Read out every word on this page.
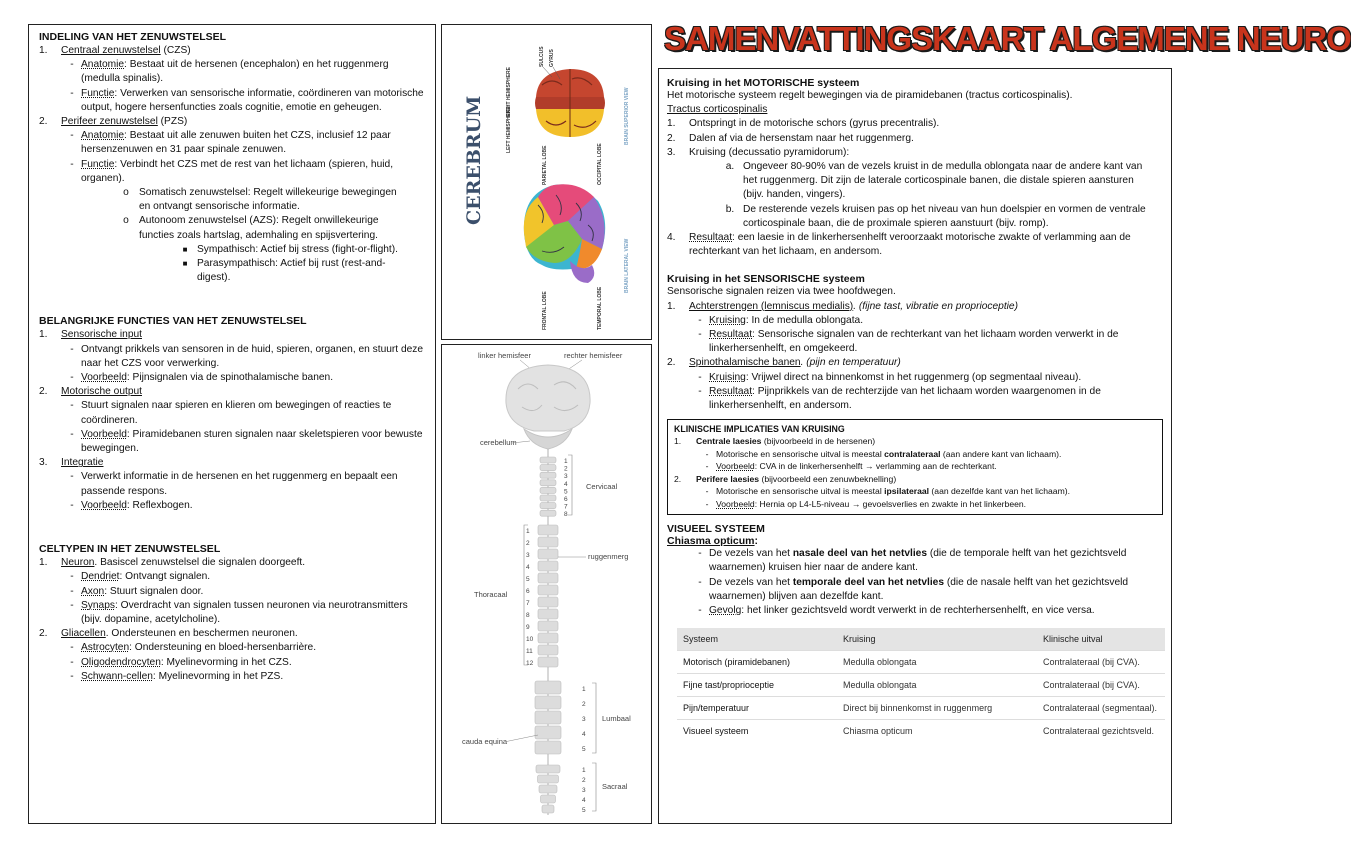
SAMENVATTINGSKAART ALGEMENE NEURO
INDELING VAN HET ZENUWSTELSEL
1.	Centraal zenuwstelsel (CZS)
- Anatomie: Bestaat uit de hersenen (encephalon) en het ruggenmerg (medulla spinalis).
- Functie: Verwerken van sensorische informatie, coördineren van motorische output, hogere hersenfuncties zoals cognitie, emotie en geheugen.
2.	Perifeer zenuwstelsel (PZS)
- Anatomie: Bestaat uit alle zenuwen buiten het CZS, inclusief 12 paar hersenzenuwen en 31 paar spinale zenuwen.
- Functie: Verbindt het CZS met de rest van het lichaam (spieren, huid, organen).
o Somatisch zenuwstelsel: Regelt willekeurige bewegingen en ontvangt sensorische informatie.
o Autonoom zenuwstelsel (AZS): Regelt onwillekeurige functies zoals hartslag, ademhaling en spijsvertering.
■ Sympathisch: Actief bij stress (fight-or-flight).
■ Parasympathisch: Actief bij rust (rest-and-digest).
BELANGRIJKE FUNCTIES VAN HET ZENUWSTELSEL
1.	Sensorische input
- Ontvangt prikkels van sensoren in de huid, spieren, organen, en stuurt deze naar het CZS voor verwerking.
- Voorbeeld: Pijnsignalen via de spinothalamische banen.
2.	Motorische output
- Stuurt signalen naar spieren en klieren om bewegingen of reacties te coördineren.
- Voorbeeld: Piramidebanen sturen signalen naar skeletspieren voor bewuste bewegingen.
3.	Integratie
- Verwerkt informatie in de hersenen en het ruggenmerg en bepaalt een passende respons.
- Voorbeeld: Reflexbogen.
CELTYPEN IN HET ZENUWSTELSEL
1.	Neuron. Basiscel zenuwstelsel die signalen doorgeeft.
- Dendriet: Ontvangt signalen.
- Axon: Stuurt signalen door.
- Synaps: Overdracht van signalen tussen neuronen via neurotransmitters (bijv. dopamine, acetylcholine).
2.	Gliacellen. Ondersteunen en beschermen neuronen.
- Astrocyten: Ondersteuning en bloed-hersenbarrière.
- Oligodendrocyten: Myelinevorming in het CZS.
- Schwann-cellen: Myelinevorming in het PZS.
CEREBRUM
RIGHT HEMISPHERE
LEFT HEMISPHERE	BRAIN SUPERIOR VIEW
SULCUS GYRUS
PARIETAL LOBE	OCCIPITAL LOBE
FRONTAL LOBE	TEMPORAL LOBE
BRAIN LATERAL VIEW
linker hemisfeer	rechter hemisfeer
cerebellum
1
2
3
4
5
6
7
8
1
2
3
4
5
6
7
8
9
10
11
12
1
2
3
4
5
1
2
3
4
5
Cervicaal
ruggenmerg
Thoracaal
Lumbaal
cauda equina
Sacraal
Kruising in het MOTORISCHE systeem
Het motorische systeem regelt bewegingen via de piramidebanen (tractus corticospinalis).
Tractus corticospinalis
1.	Ontspringt in de motorische schors (gyrus precentralis).
2.	Dalen af via de hersenstam naar het ruggenmerg.
3.	Kruising (decussatio pyramidorum):
a. Ongeveer 80-90% van de vezels kruist in de medulla oblongata naar de andere kant van het ruggenmerg. Dit zijn de laterale corticospinale banen, die distale spieren aansturen (bijv. handen, vingers).
b. De resterende vezels kruisen pas op het niveau van hun doelspier en vormen de ventrale corticospinale baan, die de proximale spieren aanstuurt (bijv. romp).
4.	Resultaat: een laesie in de linkerhersenhelft veroorzaakt motorische zwakte of verlamming aan de rechterkant van het lichaam, en andersom.
Kruising in het SENSORISCHE systeem
Sensorische signalen reizen via twee hoofdwegen.
1.	Achterstrengen (lemniscus medialis). (fijne tast, vibratie en proprioceptie)
- Kruising: In de medulla oblongata.
- Resultaat: Sensorische signalen van de rechterkant van het lichaam worden verwerkt in de linkerhersenhelft, en omgekeerd.
2.	Spinothalamische banen. (pijn en temperatuur)
- Kruising: Vrijwel direct na binnenkomst in het ruggenmerg (op segmentaal niveau).
- Resultaat: Pijnprikkels van de rechterzijde van het lichaam worden waargenomen in de linkerhersenhelft, en andersom.
KLINISCHE IMPLICATIES VAN KRUISING
1.	Centrale laesies (bijvoorbeeld in de hersenen)
- Motorische en sensorische uitval is meestal contralateraal (aan andere kant van lichaam).
- Voorbeeld: CVA in de linkerhersenhelft → verlamming aan de rechterkant.
2.	Perifere laesies (bijvoorbeeld een zenuwbeknelling)
- Motorische en sensorische uitval is meestal ipsilateraal (aan dezelfde kant van het lichaam).
- Voorbeeld: Hernia op L4-L5-niveau → gevoelsverlies en zwakte in het linkerbeen.
VISUEEL SYSTEEM
Chiasma opticum:
- De vezels van het nasale deel van het netvlies (die de temporale helft van het gezichtsveld waarnemen) kruisen hier naar de andere kant.
- De vezels van het temporale deel van het netvlies (die de nasale helft van het gezichtsveld waarnemen) blijven aan dezelfde kant.
- Gevolg: het linker gezichtsveld wordt verwerkt in de rechterhersenhelft, en vice versa.
Systeem	Kruising	Klinische uitval
Motorisch (piramidebanen)	Medulla oblongata	Contralateraal (bij CVA).
Fijne tast/proprioceptie	Medulla oblongata	Contralateraal (bij CVA).
Pijn/temperatuur	Direct bij binnenkomst in ruggenmerg	Contralateraal (segmentaal).
Visueel systeem	Chiasma opticum	Contralateraal gezichtsveld.
